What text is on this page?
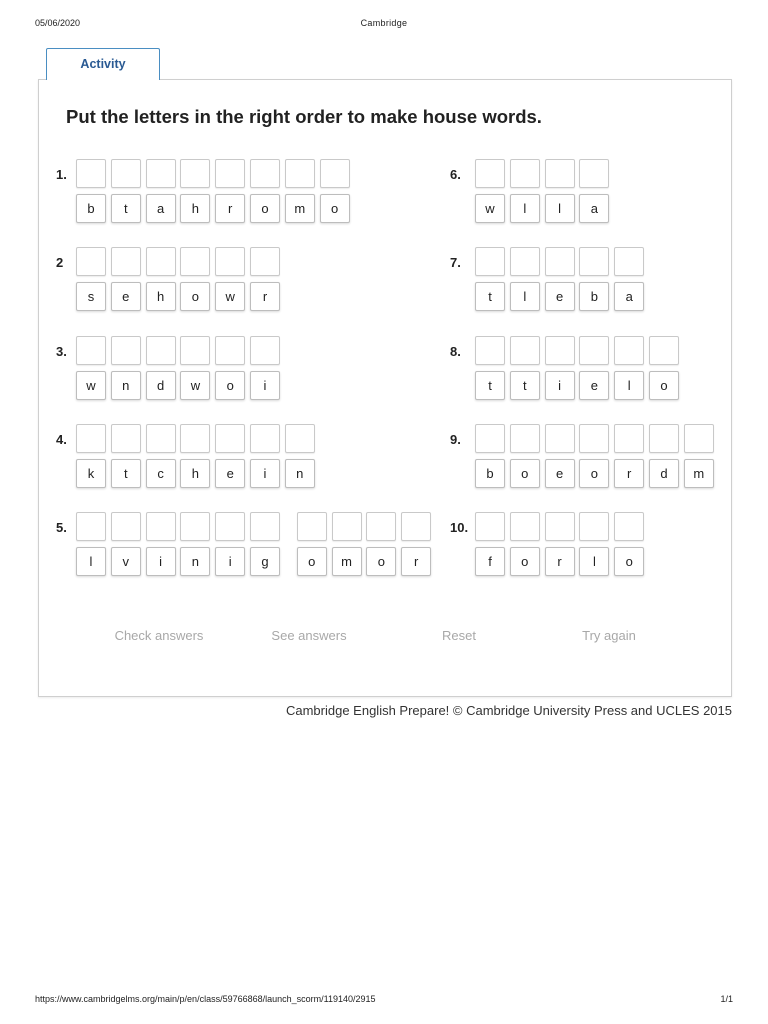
05/06/2020	Cambridge
Activity
Put the letters in the right order to make house words.
1.
b	t	a	h	r	o	m	o
2
s	e	h	o	w	r
3.
w	n	d	w	o	i
4.
k	t	c	h	e	i	n
5.
l	v	i	n	i	g	o	m	o	r
6.
w	l	l	a
7.
t	l	e	b	a
8.
t	t	i	e	l	o
9.
b	o	e	o	r	d	m
10.
f	o	r	l	o
Check answers	See answers	Reset	Try again
Cambridge English Prepare! © Cambridge University Press and UCLES 2015
https://www.cambridgelms.org/main/p/en/class/59766868/launch_scorm/119140/2915	1/1
